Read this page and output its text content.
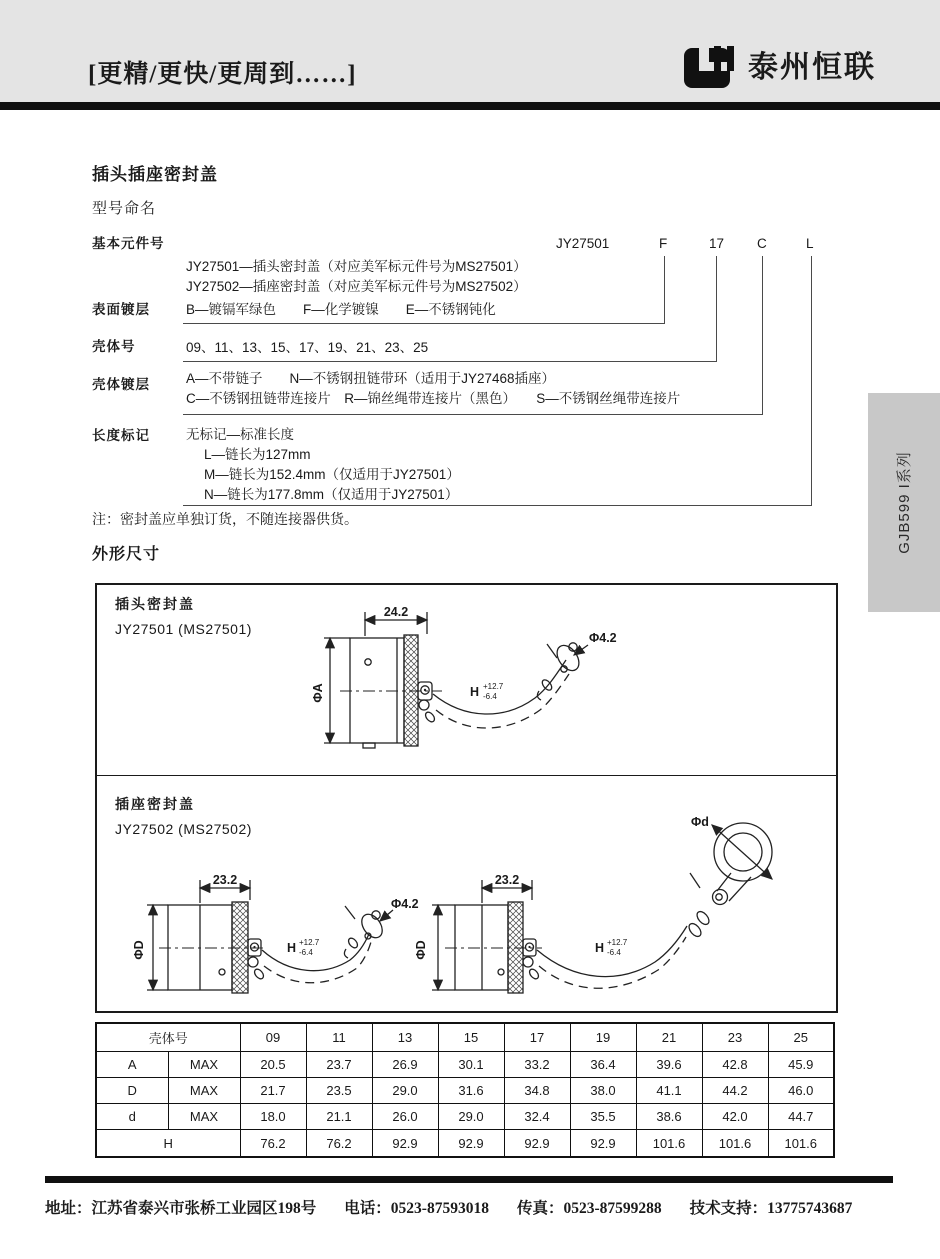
[更精/更快/更周到……]	泰州恒联
GJB599 I系列
插头插座密封盖
型号命名
基本元件号	JY27501	F	17 C	L
JY27501—插头密封盖（对应美军标元件号为MS27501）
JY27502—插座密封盖（对应美军标元件号为MS27502）
表面镀层	B—镀镉军绿色　　F—化学镀镍　　E—不锈钢钝化
壳体号	09、11、13、15、17、19、21、23、25
壳体镀层	A—不带链子　　N—不锈钢扭链带环（适用于JY27468插座）
C—不锈钢扭链带连接片　R—锦丝绳带连接片（黑色）　　S—不锈钢丝绳带连接片
长度标记	无标记—标准长度
L—链长为127mm
M—链长为152.4mm（仅适用于JY27501）
N—链长为177.8mm（仅适用于JY27501）
注：密封盖应单独订货，不随连接器供货。
外形尺寸
插头密封盖
JY27501 (MS27501)
24.2
ΦA
Φ4.2
H +12.7
-6.4
插座密封盖
JY27502 (MS27502)
23.2
ΦD
Φ4.2
H +12.7
-6.4
23.2
ΦD	H +12.7
-6.4
Φd
壳体号		09	11	13	15	17	19	21	23	25
A	MAX	20.5	23.7	26.9	30.1	33.2	36.4	39.6	42.8	45.9
D	MAX	21.7	23.5	29.0	31.6	34.8	38.0	41.1	44.2	46.0
d	MAX	18.0	21.1	26.0	29.0	32.4	35.5	38.6	42.0	44.7
H		76.2	76.2	92.9	92.9	92.9	92.9	101.6	101.6	101.6
地址：江苏省泰兴市张桥工业园区198号 电话：0523-87593018 传真：0523-87599288 技术支持：13775743687
